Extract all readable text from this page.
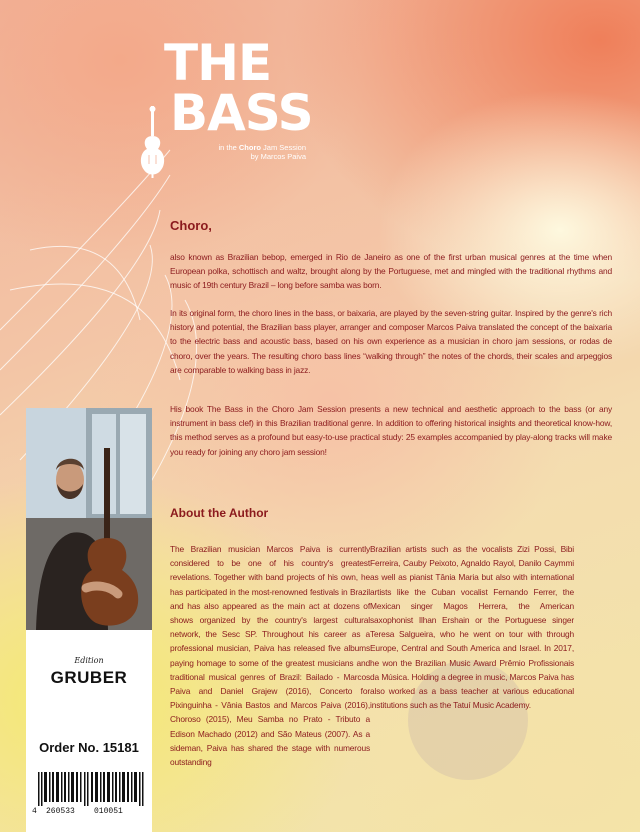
THE
BASS
in the Choro Jam Session
by Marcos Paiva
Choro,
also known as Brazilian bebop, emerged in Rio de Janeiro as one of the first urban musical genres at the time when European polka, schottisch and waltz, brought along by the Portuguese, met and mingled with the traditional rhythms and music of 19th century Brazil – long before samba was born.
In its original form, the choro lines in the bass, or baixaria, are played by the seven-string guitar. Inspired by the genre's rich history and potential, the Brazilian bass player, arranger and composer Marcos Paiva translated the concept of the baixaria to the electric bass and acoustic bass, based on his own experience as a musician in choro jam sessions, or rodas de choro, over the years. The resulting choro bass lines “walking through” the notes of the chords, their scales and arpeggios are comparable to walking bass in jazz.
His book The Bass in the Choro Jam Session presents a new technical and aesthetic approach to the bass (or any instrument in bass clef) in this Brazilian traditional genre. In addition to offering historical insights and theoretical know-how, this method serves as a profound but easy-to-use practical study: 25 examples accompanied by play-along tracks will make you ready for joining any choro jam session!
Edition
GRUBER
Order No. 15181
4 260533 010051
About the Author
The Brazilian musician Marcos Paiva is currently considered to be one of his country's greatest revelations. Together with band projects of his own, he has participated in the most-renowned festivals in Brazil and has also appeared as the main act at dozens of shows organized by the country's largest cultural network, the Sesc SP. Throughout his career as a professional musician, Paiva has released five albums paying homage to some of the greatest musicians and traditional musical genres of Brazil: Bailado - Marcos Paiva and Daniel Grajew (2016), Concerto for Pixinguinha - Vânia Bastos and Marcos Paiva (2016), Choroso (2015), Meu Samba no Prato - Tributo a Edison Machado (2012) and São Mateus (2007). As a sideman, Paiva has shared the stage with numerous outstanding
Brazilian artists such as the vocalists Zizi Possi, Bibi Ferreira, Cauby Peixoto, Agnaldo Rayol, Danilo Caymmi as well as pianist Tânia Maria but also with international artists like the Cuban vocalist Fernando Ferrer, the Mexican singer Magos Herrera, the American saxophonist Ilhan Ershain or the Portuguese singer Teresa Salgueira, who he went on tour with through Europe, Central and South America and Israel. In 2017, he won the Brazilian Music Award Prêmio Profissionais da Música. Holding a degree in music, Marcos Paiva has also worked as a bass teacher at various educational institutions such as the Tatuí Music Academy.
